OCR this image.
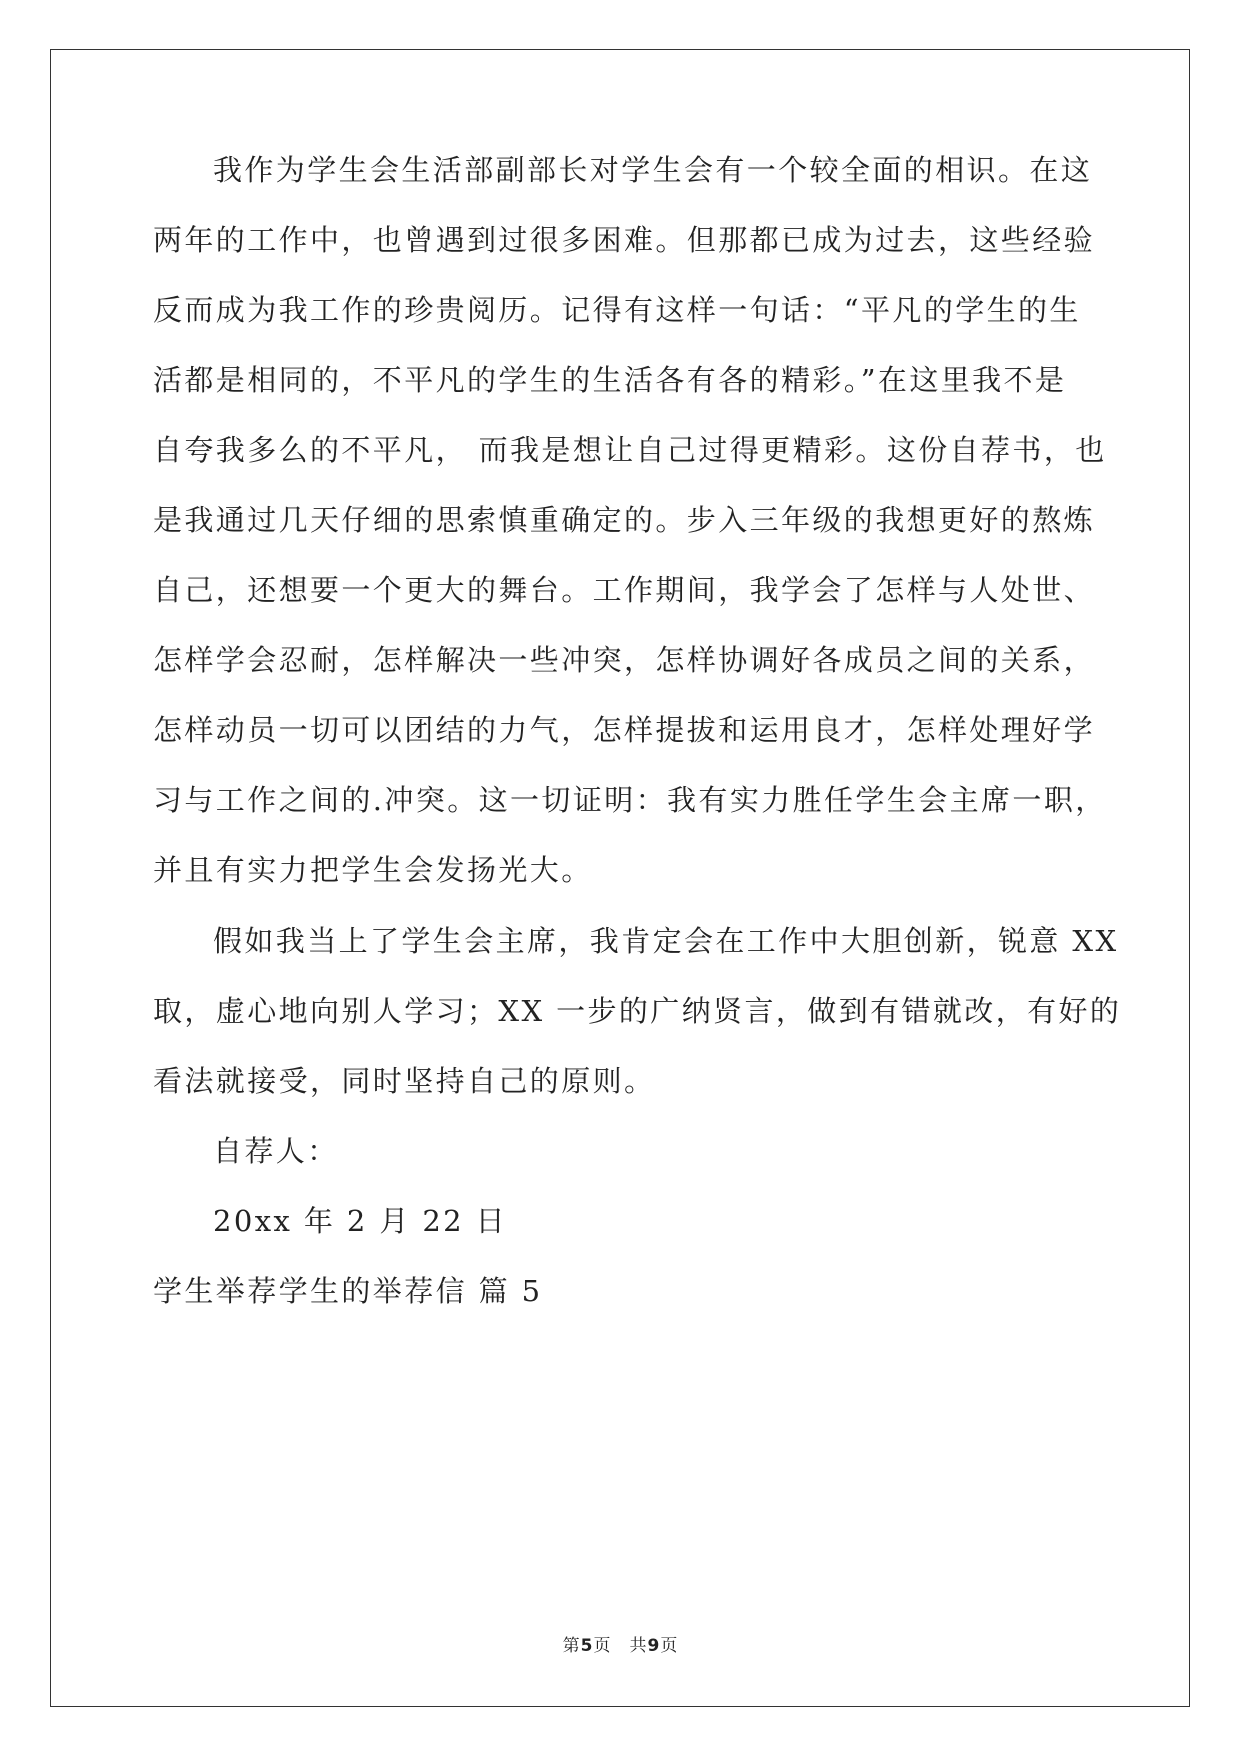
我作为学生会生活部副部长对学生会有一个较全面的相识。在这
两年的工作中，也曾遇到过很多困难。但那都已成为过去，这些经验
反而成为我工作的珍贵阅历。记得有这样一句话：“平凡的学生的生
活都是相同的，不平凡的学生的生活各有各的精彩。”在这里我不是
自夸我多么的不平凡， 而我是想让自己过得更精彩。这份自荐书，也
是我通过几天仔细的思索慎重确定的。步入三年级的我想更好的熬炼
自己，还想要一个更大的舞台。工作期间，我学会了怎样与人处世、
怎样学会忍耐，怎样解决一些冲突，怎样协调好各成员之间的关系，
怎样动员一切可以团结的力气，怎样提拔和运用良才，怎样处理好学
习与工作之间的.冲突。这一切证明：我有实力胜任学生会主席一职，
并且有实力把学生会发扬光大。
假如我当上了学生会主席，我肯定会在工作中大胆创新，锐意 XX
取，虚心地向别人学习；XX 一步的广纳贤言，做到有错就改，有好的
看法就接受，同时坚持自己的原则。
自荐人：
20xx 年 2 月 22 日
学生举荐学生的举荐信 篇 5
第5页 共9页
